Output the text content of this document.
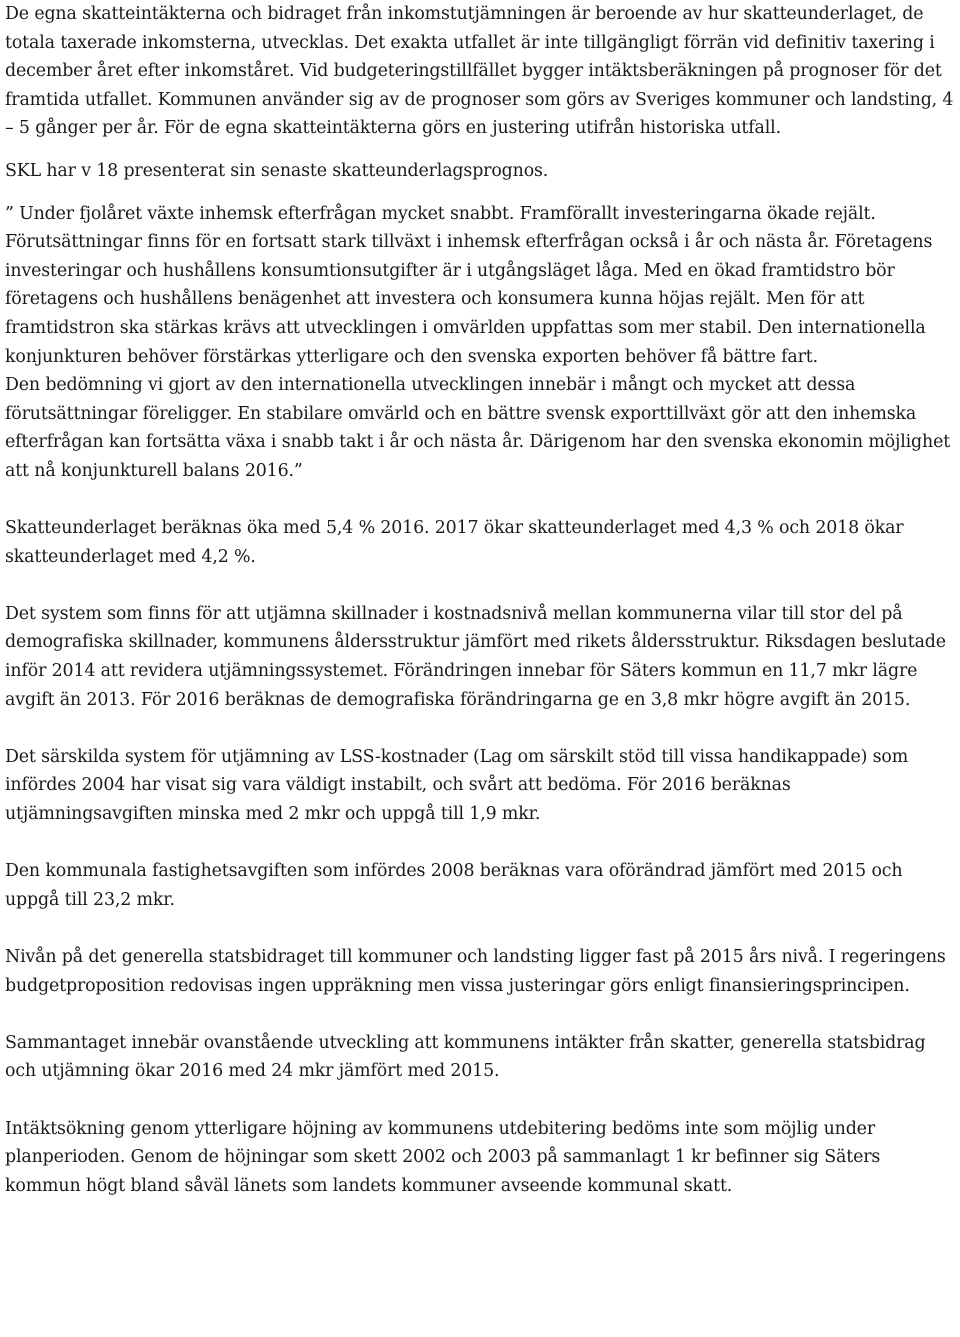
De egna skatteintäkterna och bidraget från inkomstutjämningen är beroende av hur skatteunderlaget, de totala taxerade inkomsterna, utvecklas. Det exakta utfallet är inte tillgängligt förrän vid definitiv taxering i december året efter inkomståret. Vid budgeteringstillfället bygger intäktsberäkningen på prognoser för det framtida utfallet. Kommunen använder sig av de prognoser som görs av Sveriges kommuner och landsting, 4 – 5 gånger per år. För de egna skatteintäkterna görs en justering utifrån historiska utfall.

SKL har v 18 presenterat sin senaste skatteunderlagsprognos.

” Under fjolåret växte inhemsk efterfrågan mycket snabbt. Framförallt investeringarna ökade rejält. Förutsättningar finns för en fortsatt stark tillväxt i inhemsk efterfrågan också i år och nästa år. Företagens investeringar och hushållens konsumtionsutgifter är i utgångsläget låga. Med en ökad framtidstro bör företagens och hushållens benägenhet att investera och konsumera kunna höjas rejält. Men för att framtidstron ska stärkas krävs att utvecklingen i omvärlden uppfattas som mer stabil. Den internationella konjunkturen behöver förstärkas ytterligare och den svenska exporten behöver få bättre fart.

Den bedömning vi gjort av den internationella utvecklingen innebär i mångt och mycket att dessa förutsättningar föreligger. En stabilare omvärld och en bättre svensk exporttillväxt gör att den inhemska efterfrågan kan fortsätta växa i snabb takt i år och nästa år. Därigenom har den svenska ekonomin möjlighet att nå konjunkturell balans 2016.”

Skatteunderlaget beräknas öka med 5,4 % 2016. 2017 ökar skatteunderlaget med 4,3 % och 2018 ökar skatteunderlaget med 4,2 %.

Det system som finns för att utjämna skillnader i kostnadsnivå mellan kommunerna vilar till stor del på demografiska skillnader, kommunens åldersstruktur jämfört med rikets åldersstruktur. Riksdagen beslutade inför 2014 att revidera utjämningssystemet. Förändringen innebar för Säters kommun en 11,7 mkr lägre avgift än 2013. För 2016 beräknas de demografiska förändringarna ge en 3,8 mkr högre avgift än 2015.

Det särskilda system för utjämning av LSS-kostnader (Lag om särskilt stöd till vissa handikappade) som infördes 2004 har visat sig vara väldigt instabilt, och svårt att bedöma. För 2016 beräknas utjämningsavgiften minska med 2 mkr och uppgå till 1,9 mkr.

Den kommunala fastighetsavgiften som infördes 2008 beräknas vara oförändrad jämfört med 2015 och uppgå till 23,2 mkr.

Nivån på det generella statsbidraget till kommuner och landsting ligger fast på 2015 års nivå. I regeringens budgetproposition redovisas ingen uppräkning men vissa justeringar görs enligt finansieringsprincipen.

Sammantaget innebär ovanstående utveckling att kommunens intäkter från skatter, generella statsbidrag och utjämning ökar 2016 med 24 mkr jämfört med 2015.

Intäktsökning genom ytterligare höjning av kommunens utdebitering bedöms inte som möjlig under planperioden. Genom de höjningar som skett 2002 och 2003 på sammanlagt 1 kr befinner sig Säters kommun högt bland såväl länets som landets kommuner avseende kommunal skatt.
